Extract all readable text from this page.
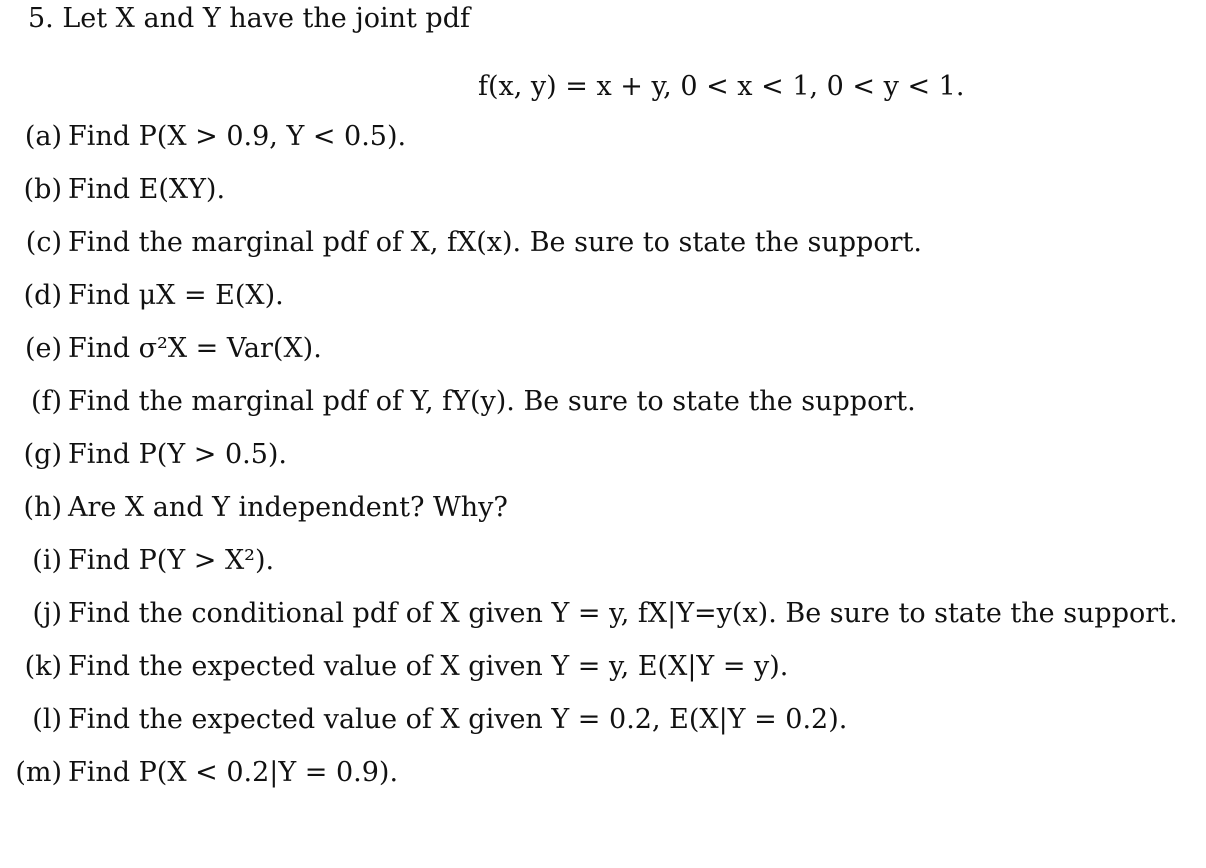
5. Let X and Y have the joint pdf
f(x, y) = x + y, 0 < x < 1, 0 < y < 1.
(a) Find P(X > 0.9, Y < 0.5).
(b) Find E(XY).
(c) Find the marginal pdf of X, fX(x). Be sure to state the support.
(d) Find μX = E(X).
(e) Find σ²X = Var(X).
(f) Find the marginal pdf of Y, fY(y). Be sure to state the support.
(g) Find P(Y > 0.5).
(h) Are X and Y independent? Why?
(i) Find P(Y > X²).
(j) Find the conditional pdf of X given Y = y, fX|Y=y(x). Be sure to state the support.
(k) Find the expected value of X given Y = y, E(X|Y = y).
(l) Find the expected value of X given Y = 0.2, E(X|Y = 0.2).
(m) Find P(X < 0.2|Y = 0.9).
